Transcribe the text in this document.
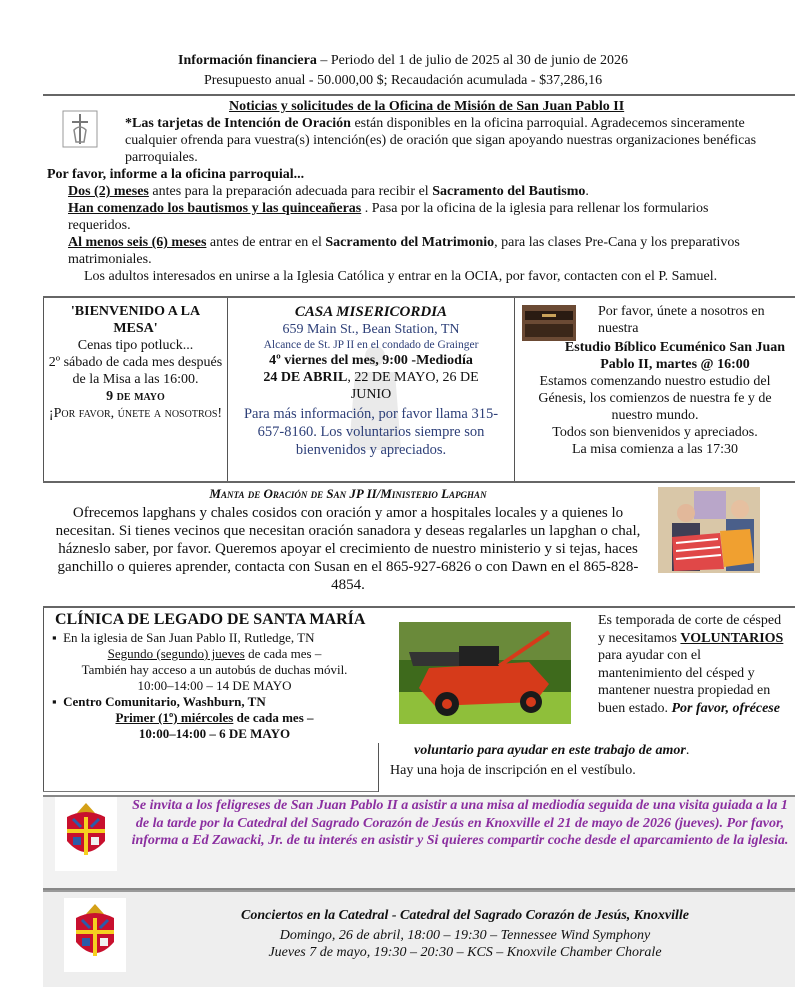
Información financiera – Periodo del 1 de julio de 2025 al 30 de junio de 2026
Presupuesto anual - 50.000,00 $; Recaudación acumulada - $37,286,16
Noticias y solicitudes de la Oficina de Misión de San Juan Pablo II
*Las tarjetas de Intención de Oración están disponibles en la oficina parroquial. Agradecemos sinceramente cualquier ofrenda para vuestra(s) intención(es) de oración que sigan apoyando nuestras organizaciones benéficas parroquiales.
Por favor, informe a la oficina parroquial...
Dos (2) meses antes para la preparación adecuada para recibir el Sacramento del Bautismo.
Han comenzado los bautismos y las quinceañeras . Pasa por la oficina de la iglesia para rellenar los formularios requeridos.
Al menos seis (6) meses antes de entrar en el Sacramento del Matrimonio, para las clases Pre-Cana y los preparativos matrimoniales.
Los adultos interesados en unirse a la Iglesia Católica y entrar en la OCIA, por favor, contacten con el P. Samuel.
'BIENVENIDO A LA MESA'
Cenas tipo potluck...
2º sábado de cada mes después de la Misa a las 16:00.
9 de mayo
¡Por favor, únete a nosotros!
CASA MISERICORDIA
659 Main St., Bean Station, TN
Alcance de St. JP II en el condado de Grainger
4º viernes del mes, 9:00 -Mediodía
24 DE ABRIL, 22 DE MAYO, 26 DE JUNIO
Para más información, por favor llama 315-657-8160. Los voluntarios siempre son bienvenidos y apreciados.
Por favor, únete a nosotros en nuestra
Estudio Bíblico Ecuménico San Juan Pablo II, martes @ 16:00
Estamos comenzando nuestro estudio del Génesis, los comienzos de nuestra fe y de nuestro mundo.
Todos son bienvenidos y apreciados.
La misa comienza a las 17:30
Manta de Oración de San JP II/Ministerio Lapghan
Ofrecemos lapghans y chales cosidos con oración y amor a hospitales locales y a quienes lo necesitan. Si tienes vecinos que necesitan oración sanadora y deseas regalarles un lapghan o chal, házneslo saber, por favor. Queremos apoyar el crecimiento de nuestro ministerio y si tejas, haces ganchillo o quieres aprender, contacta con Susan en el 865-927-6826 o con Dawn en el 865-828-4854.
CLÍNICA DE LEGADO DE SANTA MARÍA
▪  En la iglesia de San Juan Pablo II, Rutledge, TN
Segundo (segundo) jueves de cada mes –
También hay acceso a un autobús de duchas móvil.
10:00–14:00 – 14 DE MAYO
▪  Centro Comunitario, Washburn, TN
Primer (1º) miércoles de cada mes –
10:00–14:00 – 6 DE MAYO
Es temporada de corte de césped y necesitamos VOLUNTARIOS para ayudar con el mantenimiento del césped y mantener nuestra propiedad en buen estado. Por favor, ofrécese
voluntario para ayudar en este trabajo de amor.
Hay una hoja de inscripción en el vestíbulo.
Se invita a los feligreses de San Juan Pablo II a asistir a una misa al mediodía seguida de una visita guiada a la 1 de la tarde por la Catedral del Sagrado Corazón de Jesús en Knoxville el 21 de mayo de 2026 (jueves). Por favor, informa a Ed Zawacki, Jr. de tu interés en asistir y Si quieres compartir coche desde el aparcamiento de la iglesia.
Conciertos en la Catedral - Catedral del Sagrado Corazón de Jesús, Knoxville
Domingo, 26 de abril, 18:00 – 19:30 – Tennessee Wind Symphony
Jueves 7 de mayo, 19:30 – 20:30 – KCS – Knoxvile Chamber Chorale
